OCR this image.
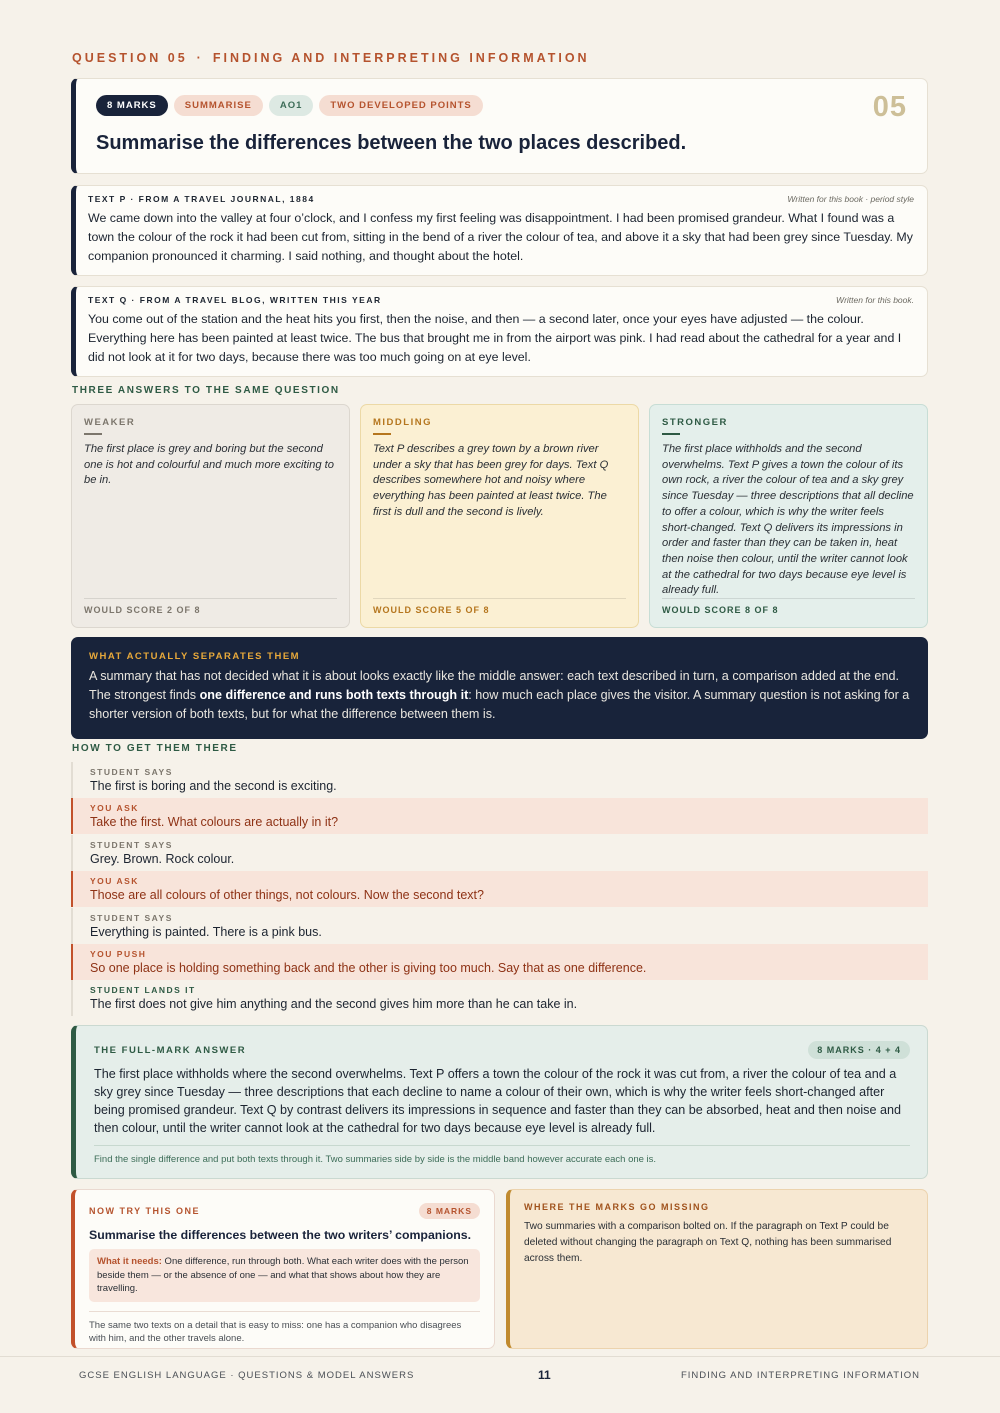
QUESTION 05 · FINDING AND INTERPRETING INFORMATION
8 MARKS	SUMMARISE	AO1	TWO DEVELOPED POINTS	05
Summarise the differences between the two places described.
TEXT P · FROM A TRAVEL JOURNAL, 1884	Written for this book · period style
We came down into the valley at four o’clock, and I confess my first feeling was disappointment. I had been promised grandeur. What I found was a town the colour of the rock it had been cut from, sitting in the bend of a river the colour of tea, and above it a sky that had been grey since Tuesday. My companion pronounced it charming. I said nothing, and thought about the hotel.
TEXT Q · FROM A TRAVEL BLOG, WRITTEN THIS YEAR	Written for this book.
You come out of the station and the heat hits you first, then the noise, and then — a second later, once your eyes have adjusted — the colour. Everything here has been painted at least twice. The bus that brought me in from the airport was pink. I had read about the cathedral for a year and I did not look at it for two days, because there was too much going on at eye level.
THREE ANSWERS TO THE SAME QUESTION
WEAKER
The first place is grey and boring but the second one is hot and colourful and much more exciting to be in.
WOULD SCORE 2 OF 8
MIDDLING
Text P describes a grey town by a brown river under a sky that has been grey for days. Text Q describes somewhere hot and noisy where everything has been painted at least twice. The first is dull and the second is lively.
WOULD SCORE 5 OF 8
STRONGER
The first place withholds and the second overwhelms. Text P gives a town the colour of its own rock, a river the colour of tea and a sky grey since Tuesday — three descriptions that all decline to offer a colour, which is why the writer feels short-changed. Text Q delivers its impressions in order and faster than they can be taken in, heat then noise then colour, until the writer cannot look at the cathedral for two days because eye level is already full.
WOULD SCORE 8 OF 8
WHAT ACTUALLY SEPARATES THEM
A summary that has not decided what it is about looks exactly like the middle answer: each text described in turn, a comparison added at the end. The strongest finds one difference and runs both texts through it: how much each place gives the visitor. A summary question is not asking for a shorter version of both texts, but for what the difference between them is.
HOW TO GET THEM THERE
STUDENT SAYS
The first is boring and the second is exciting.
YOU ASK
Take the first. What colours are actually in it?
STUDENT SAYS
Grey. Brown. Rock colour.
YOU ASK
Those are all colours of other things, not colours. Now the second text?
STUDENT SAYS
Everything is painted. There is a pink bus.
YOU PUSH
So one place is holding something back and the other is giving too much. Say that as one difference.
STUDENT LANDS IT
The first does not give him anything and the second gives him more than he can take in.
THE FULL-MARK ANSWER	8 MARKS · 4 + 4
The first place withholds where the second overwhelms. Text P offers a town the colour of the rock it was cut from, a river the colour of tea and a sky grey since Tuesday — three descriptions that each decline to name a colour of their own, which is why the writer feels short-changed after being promised grandeur. Text Q by contrast delivers its impressions in sequence and faster than they can be absorbed, heat and then noise and then colour, until the writer cannot look at the cathedral for two days because eye level is already full.
Find the single difference and put both texts through it. Two summaries side by side is the middle band however accurate each one is.
NOW TRY THIS ONE	8 MARKS
Summarise the differences between the two writers’ companions.
What it needs: One difference, run through both. What each writer does with the person beside them — or the absence of one — and what that shows about how they are travelling.
The same two texts on a detail that is easy to miss: one has a companion who disagrees with him, and the other travels alone.
WHERE THE MARKS GO MISSING
Two summaries with a comparison bolted on. If the paragraph on Text P could be deleted without changing the paragraph on Text Q, nothing has been summarised across them.
GCSE ENGLISH LANGUAGE · QUESTIONS & MODEL ANSWERS	11	FINDING AND INTERPRETING INFORMATION
